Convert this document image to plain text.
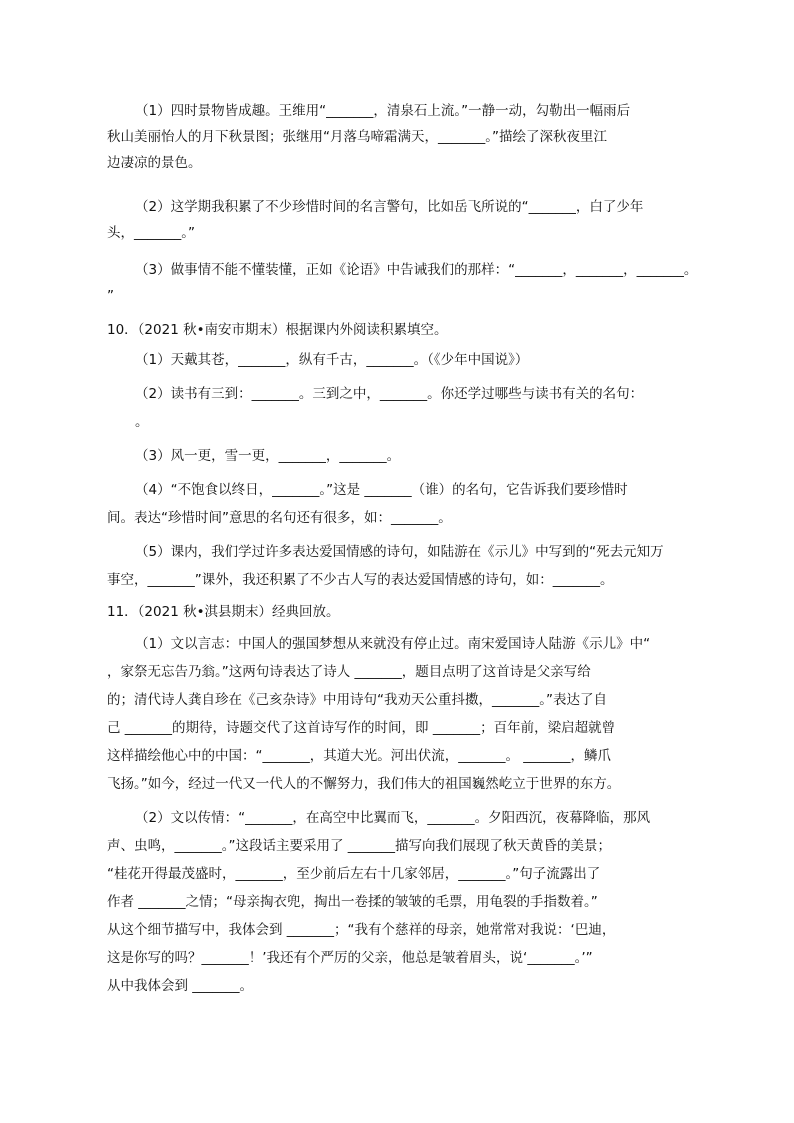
（1）四时景物皆成趣。王维用“_______，清泉石上流。”一静一动，勾勒出一幅雨后
秋山美丽怡人的月下秋景图；张继用“月落乌啼霜满天，_______。”描绘了深秋夜里江
边凄凉的景色。
（2）这学期我积累了不少珍惜时间的名言警句，比如岳飞所说的“_______，白了少年
头，_______。”
（3）做事情不能不懂装懂，正如《论语》中告诫我们的那样：“_______，_______，_______。
”
10．（2021 秋•南安市期末）根据课内外阅读积累填空。
（1）天戴其苍，_______，纵有千古，_______。（《少年中国说》）
（2）读书有三到：_______。三到之中，_______。你还学过哪些与读书有关的名句：
。
（3）风一更，雪一更，_______，_______。
（4）“不饱食以终日，_______。”这是 _______（谁）的名句，它告诉我们要珍惜时
间。表达“珍惜时间”意思的名句还有很多，如：_______。
（5）课内，我们学过许多表达爱国情感的诗句，如陆游在《示儿》中写到的“死去元知万
事空，_______”课外，我还积累了不少古人写的表达爱国情感的诗句，如：_______。
11．（2021 秋•淇县期末）经典回放。
（1）文以言志：中国人的强国梦想从来就没有停止过。南宋爱国诗人陆游《示儿》中“
，家祭无忘告乃翁。”这两句诗表达了诗人 _______，题目点明了这首诗是父亲写给
的；清代诗人龚自珍在《己亥杂诗》中用诗句“我劝天公重抖擞，_______。”表达了自
己 _______的期待，诗题交代了这首诗写作的时间，即 _______；百年前，梁启超就曾
这样描绘他心中的中国：“_______，其道大光。河出伏流，_______。 _______，鳞爪
飞扬。”如今，经过一代又一代人的不懈努力，我们伟大的祖国巍然屹立于世界的东方。
（2）文以传情：“_______，在高空中比翼而飞，_______。夕阳西沉，夜幕降临，那风
声、虫鸣，_______。”这段话主要采用了 _______描写向我们展现了秋天黄昏的美景；
“桂花开得最茂盛时，_______，至少前后左右十几家邻居，_______。”句子流露出了
作者 _______之情；“母亲掏衣兜，掏出一卷揉的皱皱的毛票，用龟裂的手指数着。”
从这个细节描写中，我体会到 _______；“我有个慈祥的母亲，她常常对我说：‘巴迪，
这是你写的吗？_______！’我还有个严厉的父亲，他总是皱着眉头，说‘_______。’”
从中我体会到 _______。
